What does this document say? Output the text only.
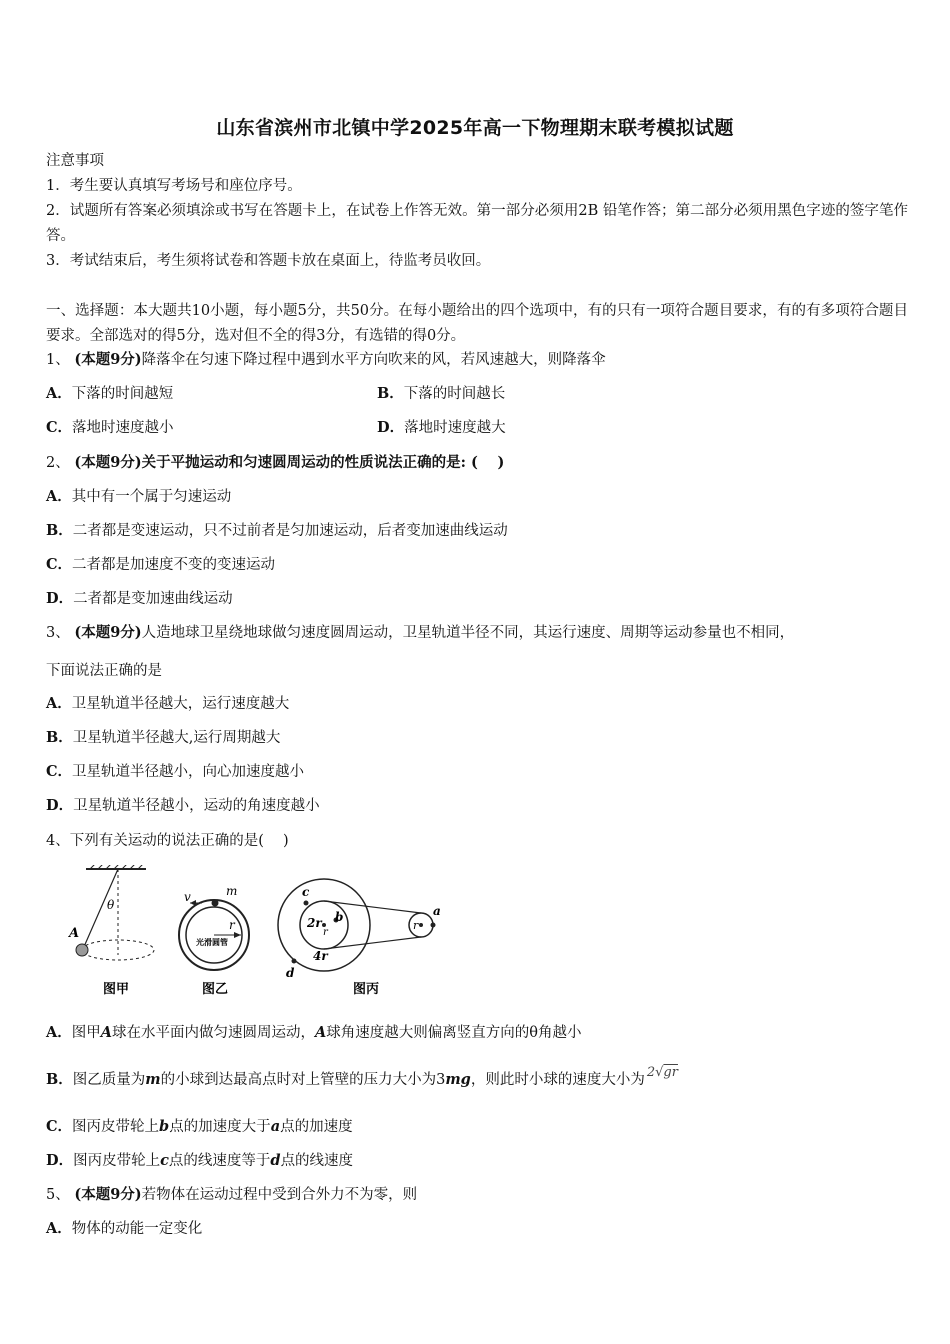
山东省滨州市北镇中学2025年高一下物理期末联考模拟试题
注意事项
1．考生要认真填写考场号和座位序号。
2．试题所有答案必须填涂或书写在答题卡上，在试卷上作答无效。第一部分必须用2B 铅笔作答；第二部分必须用黑色字迹的签字笔作答。
3．考试结束后，考生须将试卷和答题卡放在桌面上，待监考员收回。
一、选择题：本大题共10小题，每小题5分，共50分。在每小题给出的四个选项中，有的只有一项符合题目要求，有的有多项符合题目要求。全部选对的得5分，选对但不全的得3分，有选错的得0分。
1、 (本题9分)降落伞在匀速下降过程中遇到水平方向吹来的风，若风速越大，则降落伞
A．下落的时间越短	B．下落的时间越长
C．落地时速度越小	D．落地时速度越大
2、 (本题9分)关于平抛运动和匀速圆周运动的性质说法正确的是: (　 )
A．其中有一个属于匀速运动
B．二者都是变速运动，只不过前者是匀加速运动，后者变加速曲线运动
C．二者都是加速度不变的变速运动
D．二者都是变加速曲线运动
3、 (本题9分)人造地球卫星绕地球做匀速度圆周运动，卫星轨道半径不同，其运行速度、周期等运动参量也不相同，
下面说法正确的是
A．卫星轨道半径越大，运行速度越大
B．卫星轨道半径越大,运行周期越大
C．卫星轨道半径越小，向心加速度越小
D．卫星轨道半径越小，运动的角速度越小
4、下列有关运动的说法正确的是(　 )
θ
A
图甲
v	m
r
光滑圆管
图乙
c
b	a
d
2r
r
4r
r
图丙
A．图甲A球在水平面内做匀速圆周运动，A球角速度越大则偏离竖直方向的θ角越小
B．图乙质量为m的小球到达最高点时对上管壁的压力大小为3mg，则此时小球的速度大小为 2√gr
C．图丙皮带轮上b点的加速度大于a点的加速度
D．图丙皮带轮上c点的线速度等于d点的线速度
5、 (本题9分)若物体在运动过程中受到合外力不为零，则
A．物体的动能一定变化
